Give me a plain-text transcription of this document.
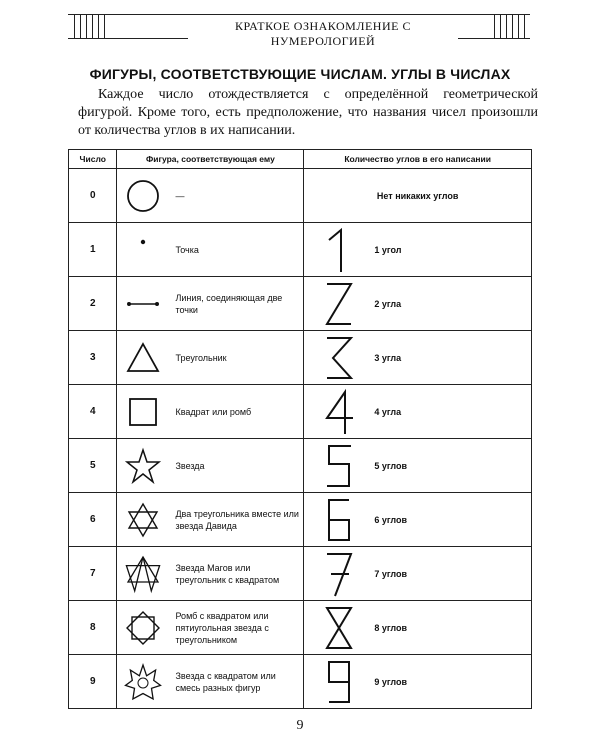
КРАТКОЕ ОЗНАКОМЛЕНИЕ С НУМЕРОЛОГИЕЙ
ФИГУРЫ, СООТВЕТСТВУЮЩИЕ ЧИСЛАМ. УГЛЫ В ЧИСЛАХ
Каждое число отождествляется с определённой геометрической фигурой. Кроме того, есть предположение, что названия чисел произошли от количества углов в их написании.
Число	Фигура, соответствующая ему	Количество углов в его написании
0	—	Нет никаких углов

1	Точка	1 угол

2	Линия, соединяющая две точки	2 угла

3	Треугольник	3 угла

4	Квадрат или ромб	4 угла

5	Звезда	5 углов

6	Два треугольника вместе или звезда Давида	6 углов

7	Звезда Магов или треугольник с квадратом	7 углов

8	Ромб с квадратом или пятиугольная звезда с треугольником	8 углов

9	Звезда с квадратом или смесь разных фигур	9 углов
9
